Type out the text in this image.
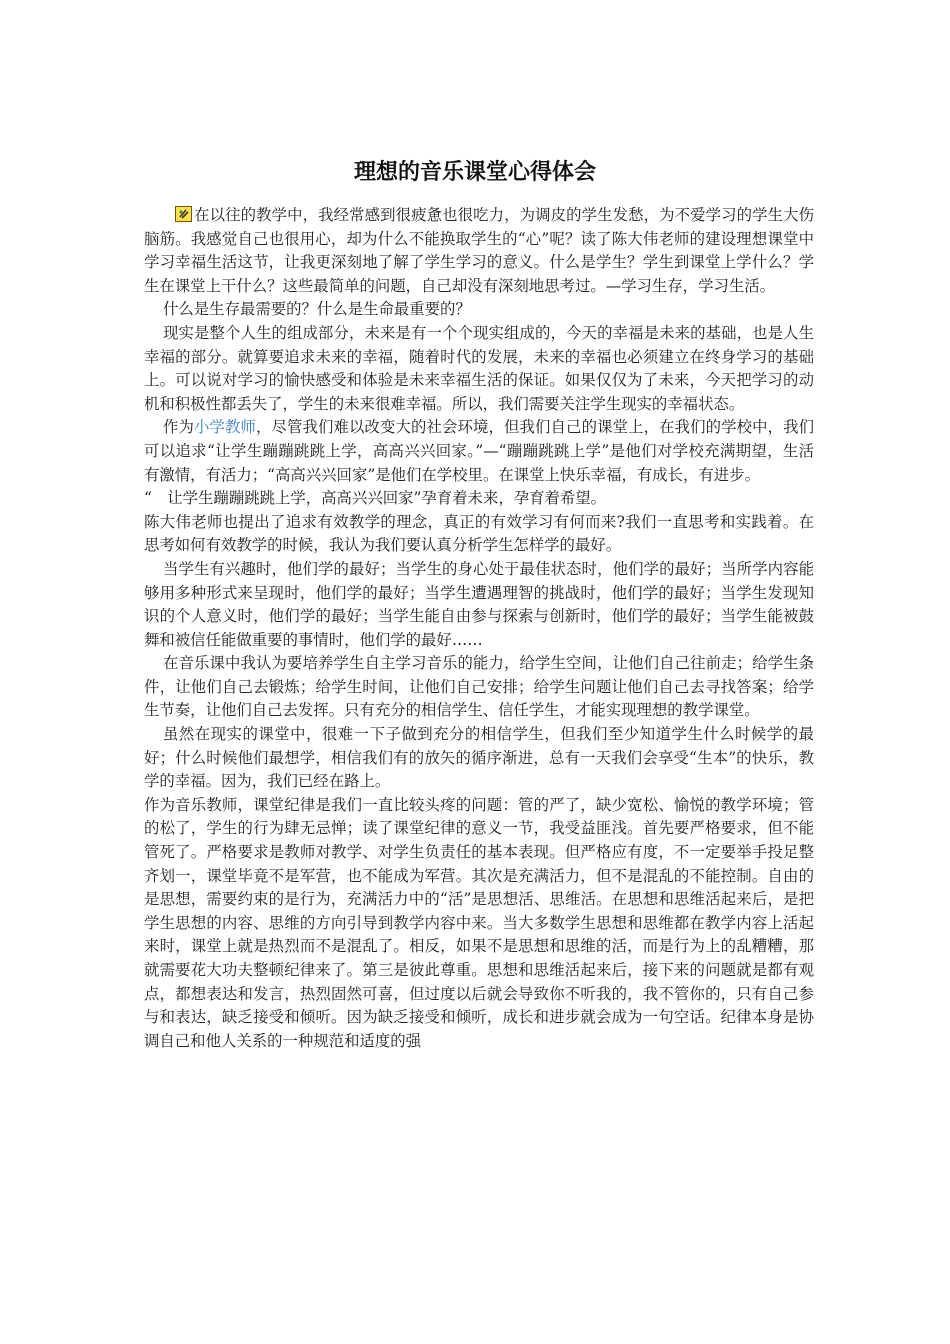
理想的音乐课堂心得体会

在以往的教学中，我经常感到很疲惫也很吃力，为调皮的学生发愁，为不爱学习的学生大伤脑筋。我感觉自己也很用心，却为什么不能换取学生的“心”呢？读了陈大伟老师的建设理想课堂中学习幸福生活这节，让我更深刻地了解了学生学习的意义。什么是学生？学生到课堂上学什么？学生在课堂上干什么？这些最简单的问题，自己却没有深刻地思考过。—学习生存，学习生活。

什么是生存最需要的？什么是生命最重要的？

现实是整个人生的组成部分，未来是有一个个现实组成的，今天的幸福是未来的基础，也是人生幸福的部分。就算要追求未来的幸福，随着时代的发展，未来的幸福也必须建立在终身学习的基础上。可以说对学习的愉快感受和体验是未来幸福生活的保证。如果仅仅为了未来，今天把学习的动机和积极性都丢失了，学生的未来很难幸福。所以，我们需要关注学生现实的幸福状态。

作为小学教师，尽管我们难以改变大的社会环境，但我们自己的课堂上，在我们的学校中，我们可以追求“让学生蹦蹦跳跳上学，高高兴兴回家。”—“蹦蹦跳跳上学”是他们对学校充满期望，生活有激情，有活力；“高高兴兴回家”是他们在学校里。在课堂上快乐幸福，有成长，有进步。

“　让学生蹦蹦跳跳上学，高高兴兴回家”孕育着未来，孕育着希望。

陈大伟老师也提出了追求有效教学的理念，真正的有效学习有何而来?我们一直思考和实践着。在思考如何有效教学的时候，我认为我们要认真分析学生怎样学的最好。

当学生有兴趣时，他们学的最好；当学生的身心处于最佳状态时，他们学的最好；当所学内容能够用多种形式来呈现时，他们学的最好；当学生遭遇理智的挑战时，他们学的最好；当学生发现知识的个人意义时，他们学的最好；当学生能自由参与探索与创新时，他们学的最好；当学生能被鼓舞和被信任能做重要的事情时，他们学的最好……

在音乐课中我认为要培养学生自主学习音乐的能力，给学生空间，让他们自己往前走；给学生条件，让他们自己去锻炼；给学生时间，让他们自己安排；给学生问题让他们自己去寻找答案；给学生节奏，让他们自己去发挥。只有充分的相信学生、信任学生，才能实现理想的教学课堂。

虽然在现实的课堂中，很难一下子做到充分的相信学生，但我们至少知道学生什么时候学的最好；什么时候他们最想学，相信我们有的放矢的循序渐进，总有一天我们会享受“生本”的快乐，教学的幸福。因为，我们已经在路上。

作为音乐教师，课堂纪律是我们一直比较头疼的问题：管的严了，缺少宽松、愉悦的教学环境；管的松了，学生的行为肆无忌惮；读了课堂纪律的意义一节，我受益匪浅。首先要严格要求，但不能管死了。严格要求是教师对教学、对学生负责任的基本表现。但严格应有度，不一定要举手投足整齐划一，课堂毕竟不是军营，也不能成为军营。其次是充满活力，但不是混乱的不能控制。自由的是思想，需要约束的是行为，充满活力中的“活”是思想活、思维活。在思想和思维活起来后，是把学生思想的内容、思维的方向引导到教学内容中来。当大多数学生思想和思维都在教学内容上活起来时，课堂上就是热烈而不是混乱了。相反，如果不是思想和思维的活，而是行为上的乱糟糟，那就需要花大功夫整顿纪律来了。第三是彼此尊重。思想和思维活起来后，接下来的问题就是都有观点，都想表达和发言，热烈固然可喜，但过度以后就会导致你不听我的，我不管你的，只有自己参与和表达，缺乏接受和倾听。因为缺乏接受和倾听，成长和进步就会成为一句空话。纪律本身是协调自己和他人关系的一种规范和适度的强
